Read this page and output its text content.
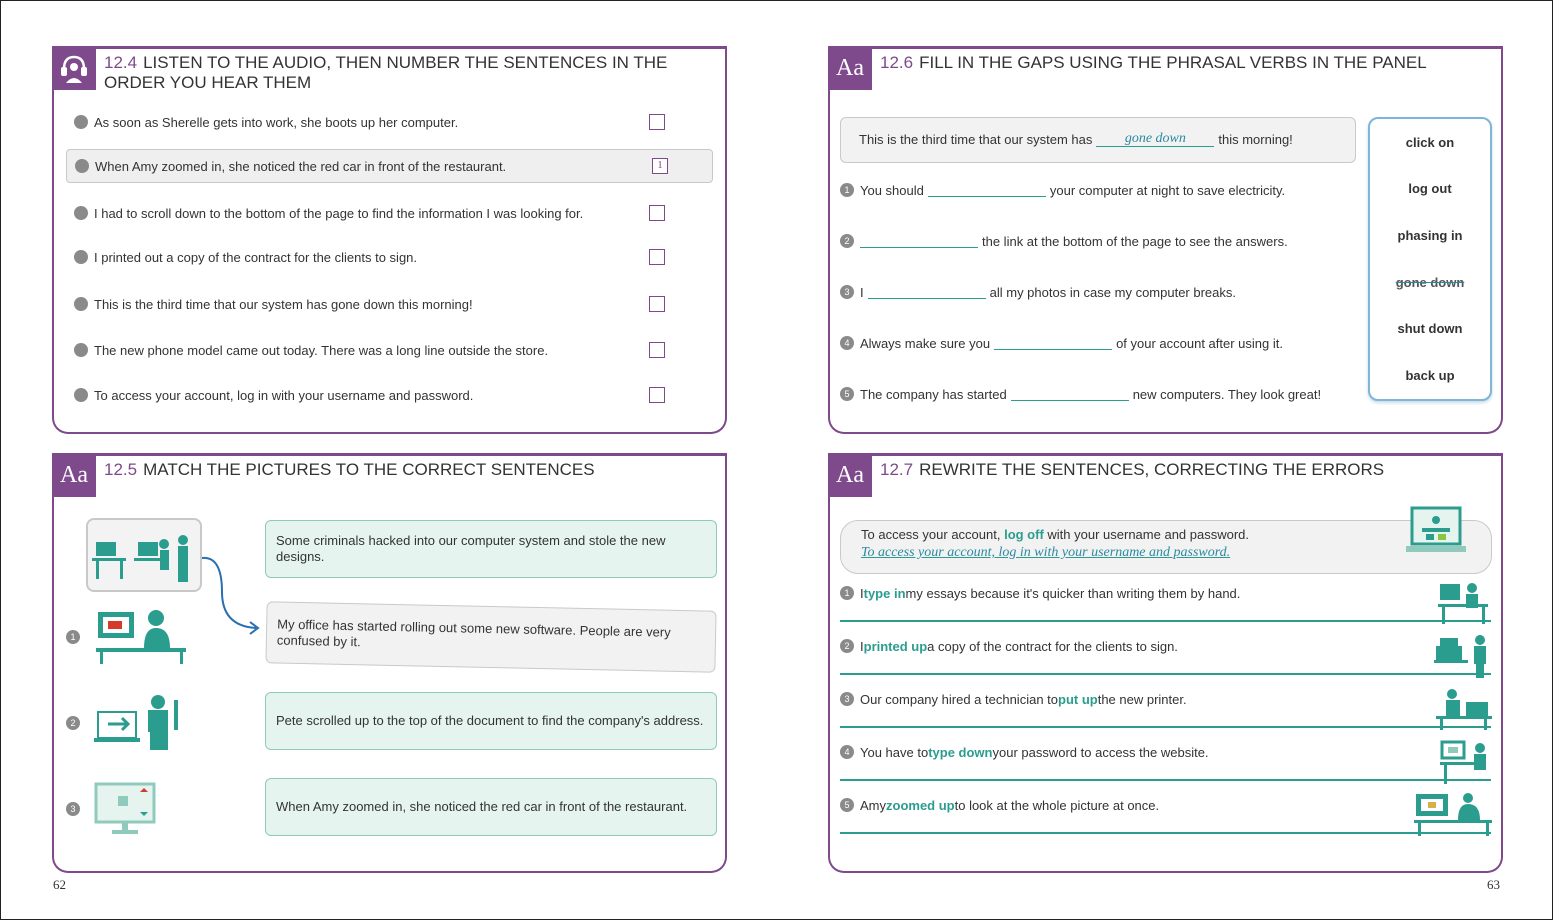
12.4 LISTEN TO THE AUDIO, THEN NUMBER THE SENTENCES IN THE ORDER YOU HEAR THEM
As soon as Sherelle gets into work, she boots up her computer.
When Amy zoomed in, she noticed the red car in front of the restaurant.	1
I had to scroll down to the bottom of the page to find the information I was looking for.
I printed out a copy of the contract for the clients to sign.
This is the third time that our system has gone down this morning!
The new phone model came out today. There was a long line outside the store.
To access your account, log in with your username and password.
Aa 12.6 FILL IN THE GAPS USING THE PHRASAL VERBS IN THE PANEL
This is the third time that our system has	gone down	this morning!
1 You should	your computer at night to save electricity.
2	the link at the bottom of the page to see the answers.
3 I	all my photos in case my computer breaks.
4 Always make sure you	of your account after using it.
5 The company has started	new computers. They look great!
click on
log out
phasing in
gone down
shut down
back up
Aa 12.5 MATCH THE PICTURES TO THE CORRECT SENTENCES
1
2
3
Some criminals hacked into our computer system and stole the new designs.
My office has started rolling out some new software. People are very confused by it.
Pete scrolled up to the top of the document to find the company's address.
When Amy zoomed in, she noticed the red car in front of the restaurant.
Aa 12.7 REWRITE THE SENTENCES, CORRECTING THE ERRORS
To access your account, log off with your username and password.
To access your account, log in with your username and password.
1 I type in my essays because it's quicker than writing them by hand.
2 I printed up a copy of the contract for the clients to sign.
3 Our company hired a technician to put up the new printer.
4 You have to type down your password to access the website.
5 Amy zoomed up to look at the whole picture at once.
62	63
